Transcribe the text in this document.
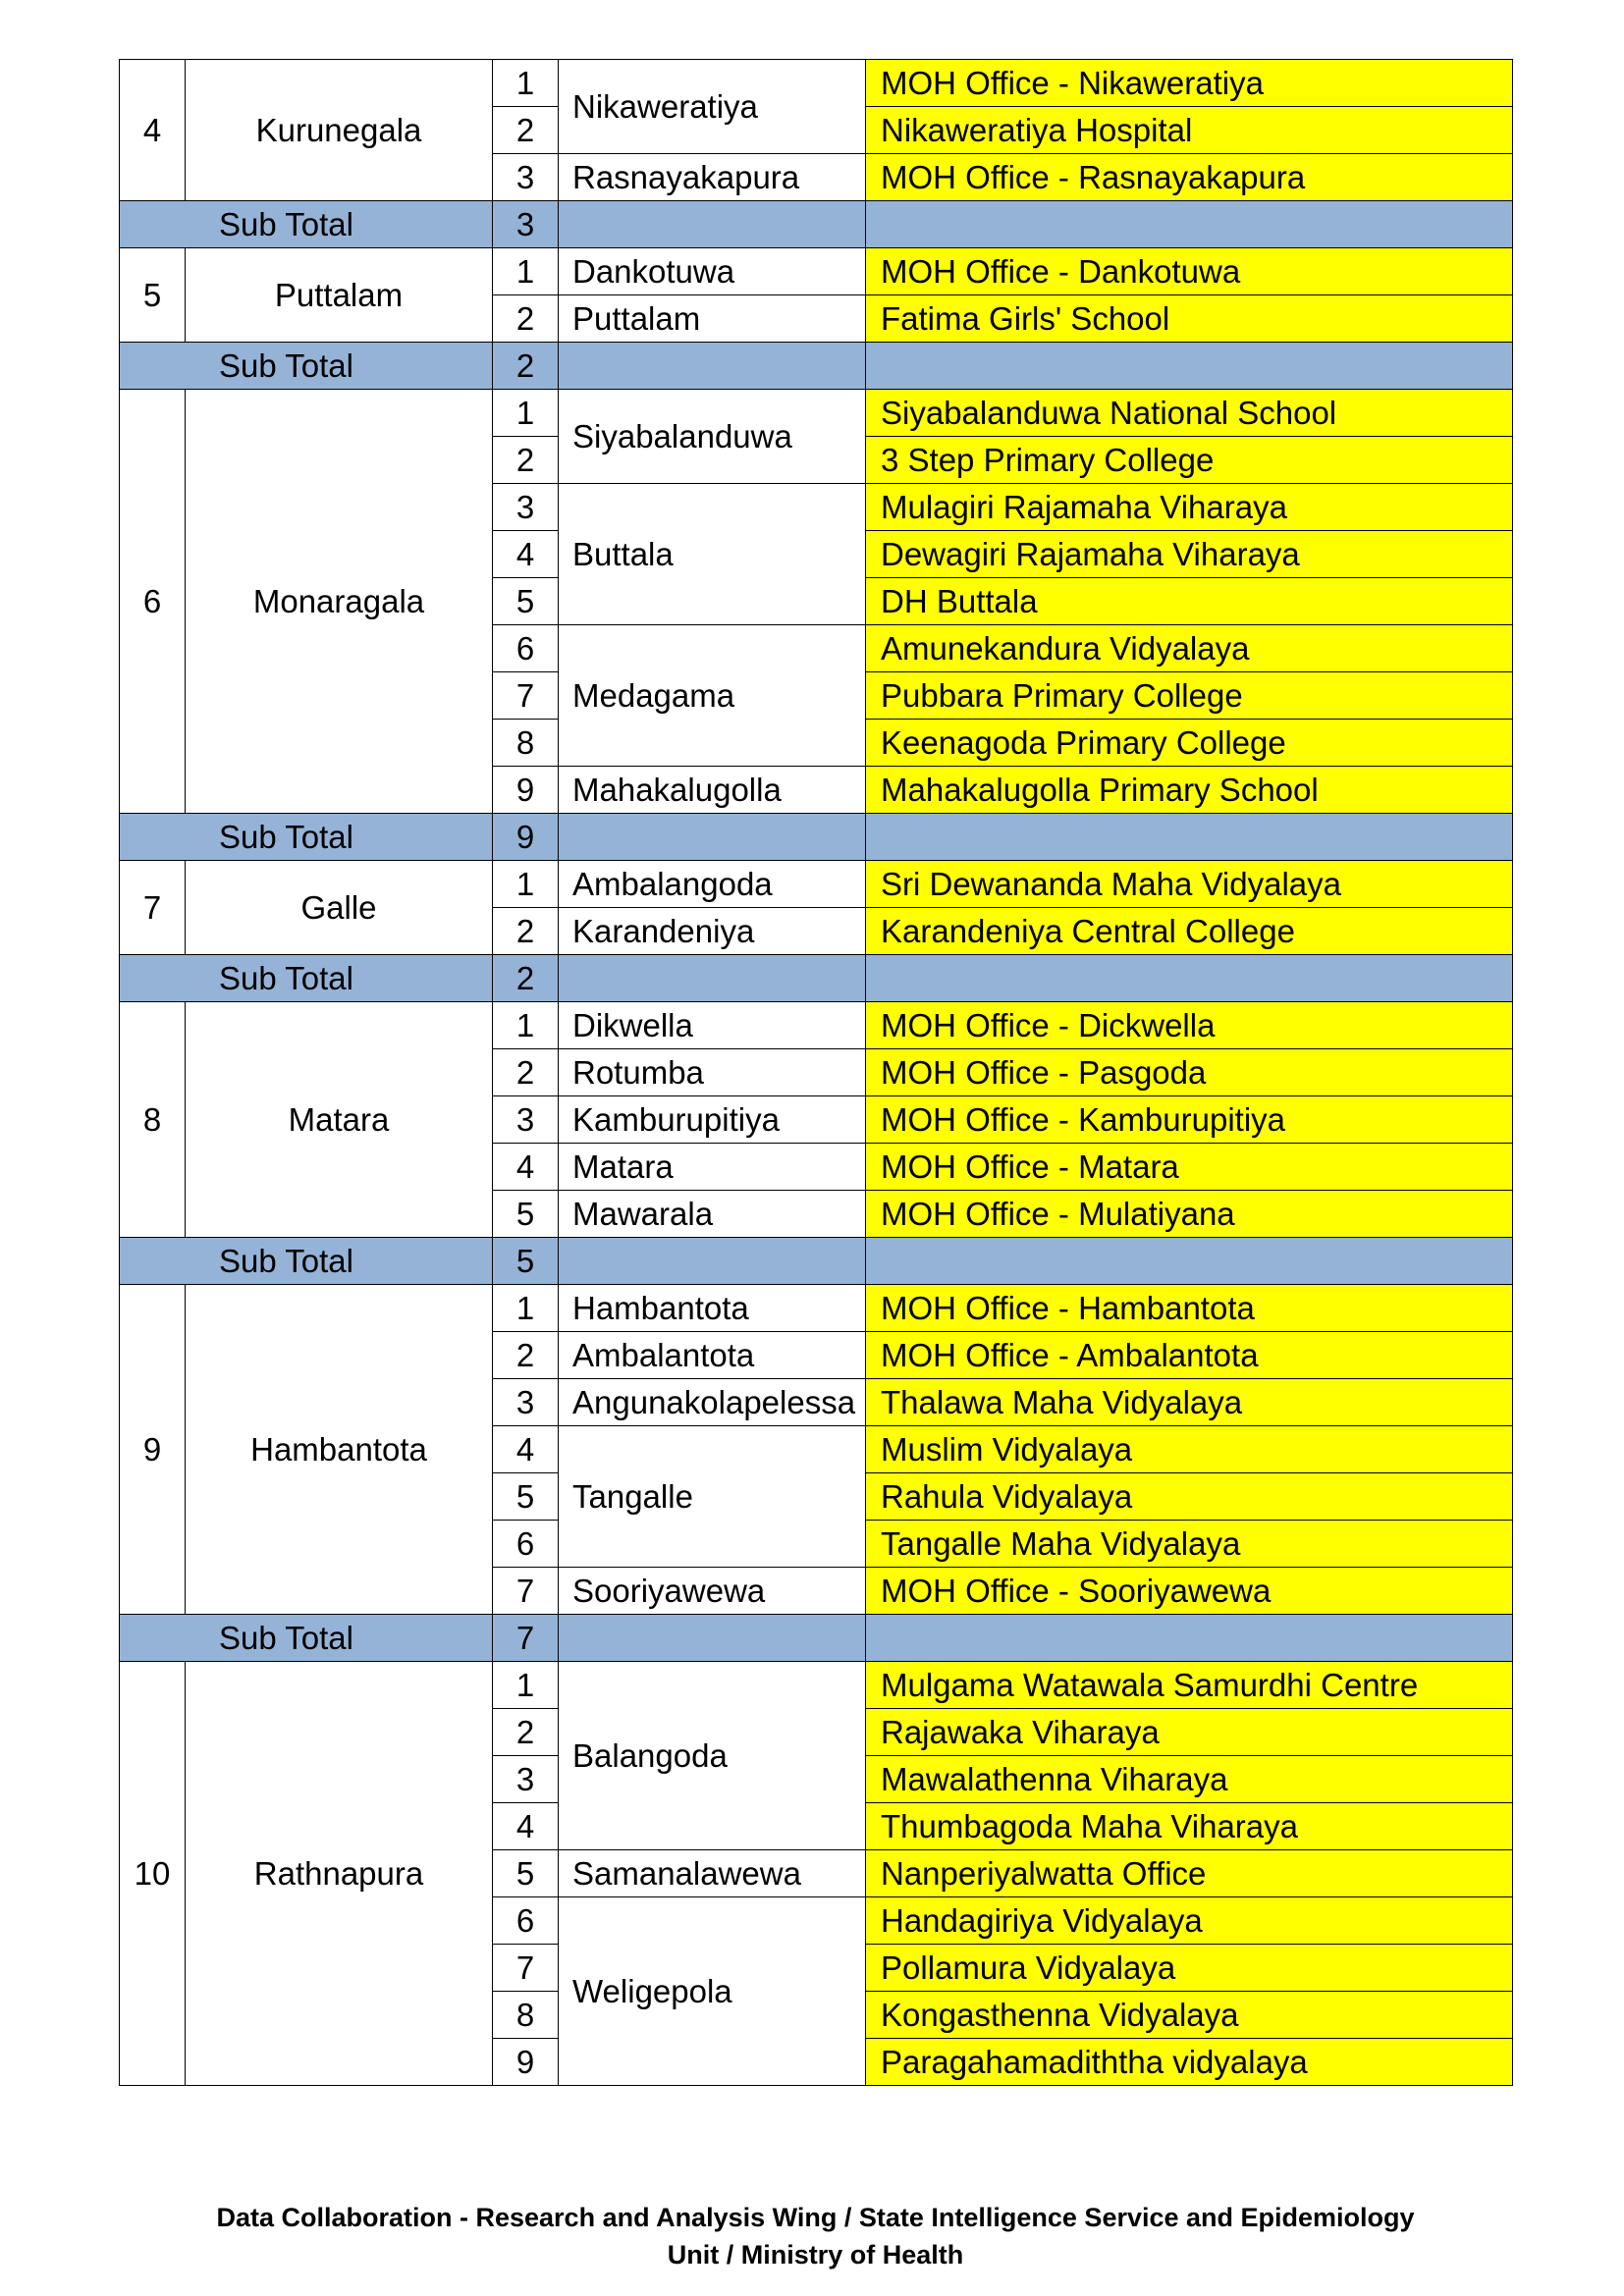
4	Kurunegala	1	Nikaweratiya	MOH Office - Nikaweratiya
		2		Nikaweratiya Hospital
		3	Rasnayakapura	MOH Office - Rasnayakapura
Sub Total		3		
5	Puttalam	1	Dankotuwa	MOH Office - Dankotuwa
		2	Puttalam	Fatima Girls' School
Sub Total		2		
6	Monaragala	1	Siyabalanduwa	Siyabalanduwa National School
		2		3 Step Primary College
		3	Buttala	Mulagiri Rajamaha Viharaya
		4		Dewagiri Rajamaha Viharaya
		5		DH Buttala
		6	Medagama	Amunekandura Vidyalaya
		7		Pubbara Primary College
		8		Keenagoda Primary College
		9	Mahakalugolla	Mahakalugolla Primary School
Sub Total		9		
7	Galle	1	Ambalangoda	Sri Dewananda Maha Vidyalaya
		2	Karandeniya	Karandeniya Central College
Sub Total		2		
8	Matara	1	Dikwella	MOH Office - Dickwella
		2	Rotumba	MOH Office - Pasgoda
		3	Kamburupitiya	MOH Office - Kamburupitiya
		4	Matara	MOH Office - Matara
		5	Mawarala	MOH Office - Mulatiyana
Sub Total		5		
9	Hambantota	1	Hambantota	MOH Office - Hambantota
		2	Ambalantota	MOH Office - Ambalantota
		3	Angunakolapelessa	Thalawa Maha Vidyalaya
		4	Tangalle	Muslim Vidyalaya
		5		Rahula Vidyalaya
		6		Tangalle Maha Vidyalaya
		7	Sooriyawewa	MOH Office - Sooriyawewa
Sub Total		7		
10	Rathnapura	1	Balangoda	Mulgama Watawala Samurdhi Centre
		2		Rajawaka Viharaya
		3		Mawalathenna Viharaya
		4		Thumbagoda Maha Viharaya
		5	Samanalawewa	Nanperiyalwatta Office
		6	Weligepola	Handagiriya Vidyalaya
		7		Pollamura Vidyalaya
		8		Kongasthenna Vidyalaya
		9		Paragahamadiththa vidyalaya
Data Collaboration - Research and Analysis Wing / State Intelligence Service and Epidemiology
Unit / Ministry of Health
